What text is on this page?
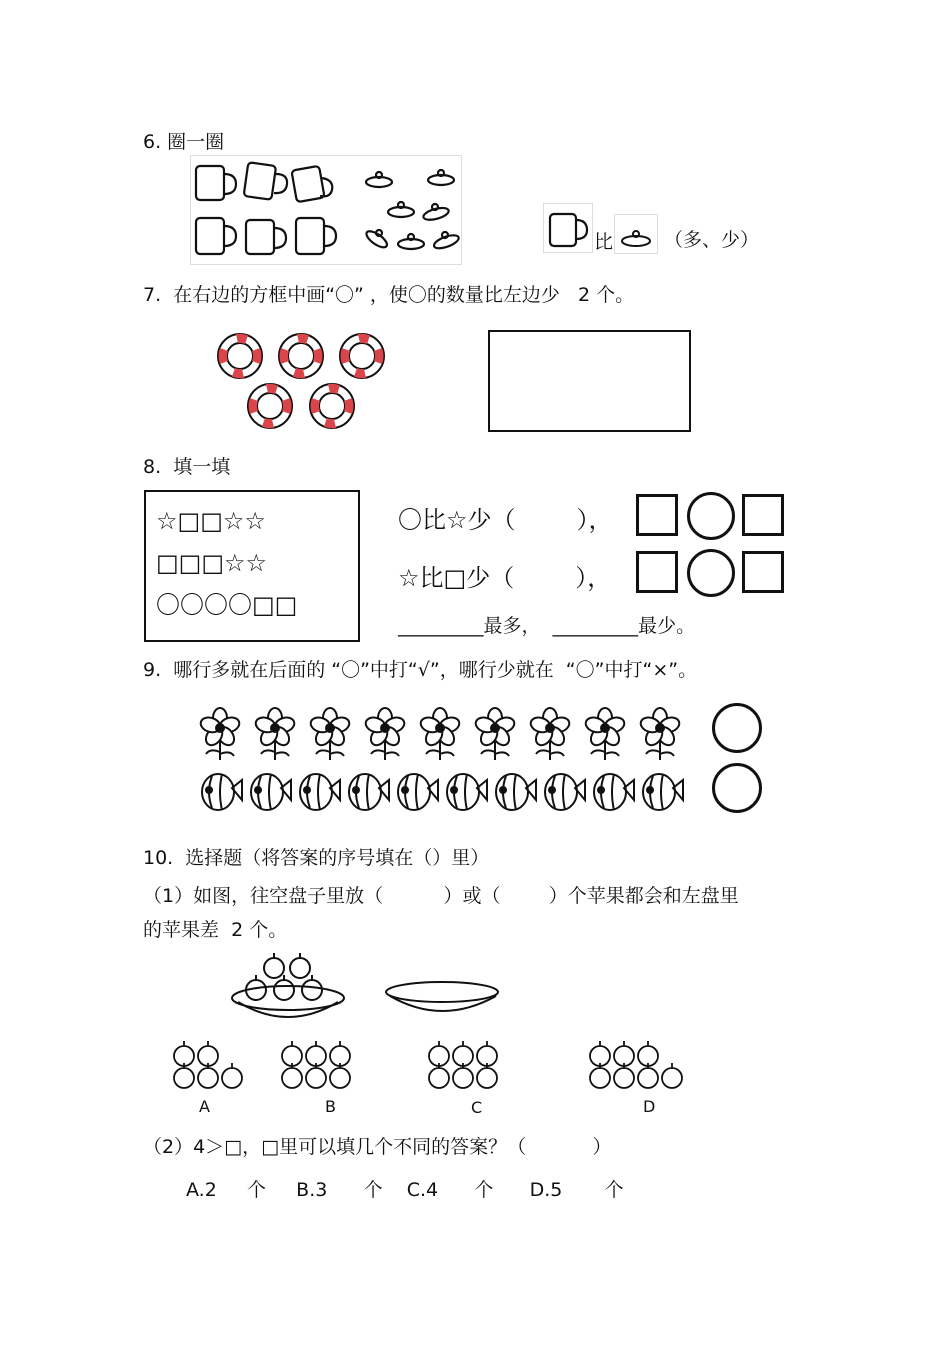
6. 圈一圈
比	（多、少）
7.  在右边的方框中画“〇” ，使〇的数量比左边少   2 个。
8.  填一填
☆□□☆☆
□□□☆☆
〇〇〇〇□□
〇比☆少（        ），
☆比□少（        ），
_________最多，  _________最少。
9.  哪行多就在后面的 “〇”中打“√”，哪行少就在  “〇”中打“×”。
10.  选择题（将答案的序号填在（）里）
（1）如图，往空盘子里放（          ）或（        ）个苹果都会和左盘里
的苹果差  2 个。
A	B	C	D
（2）4＞□，□里可以填几个不同的答案？（           ）
A.2     个     B.3      个    C.4      个      D.5       个
